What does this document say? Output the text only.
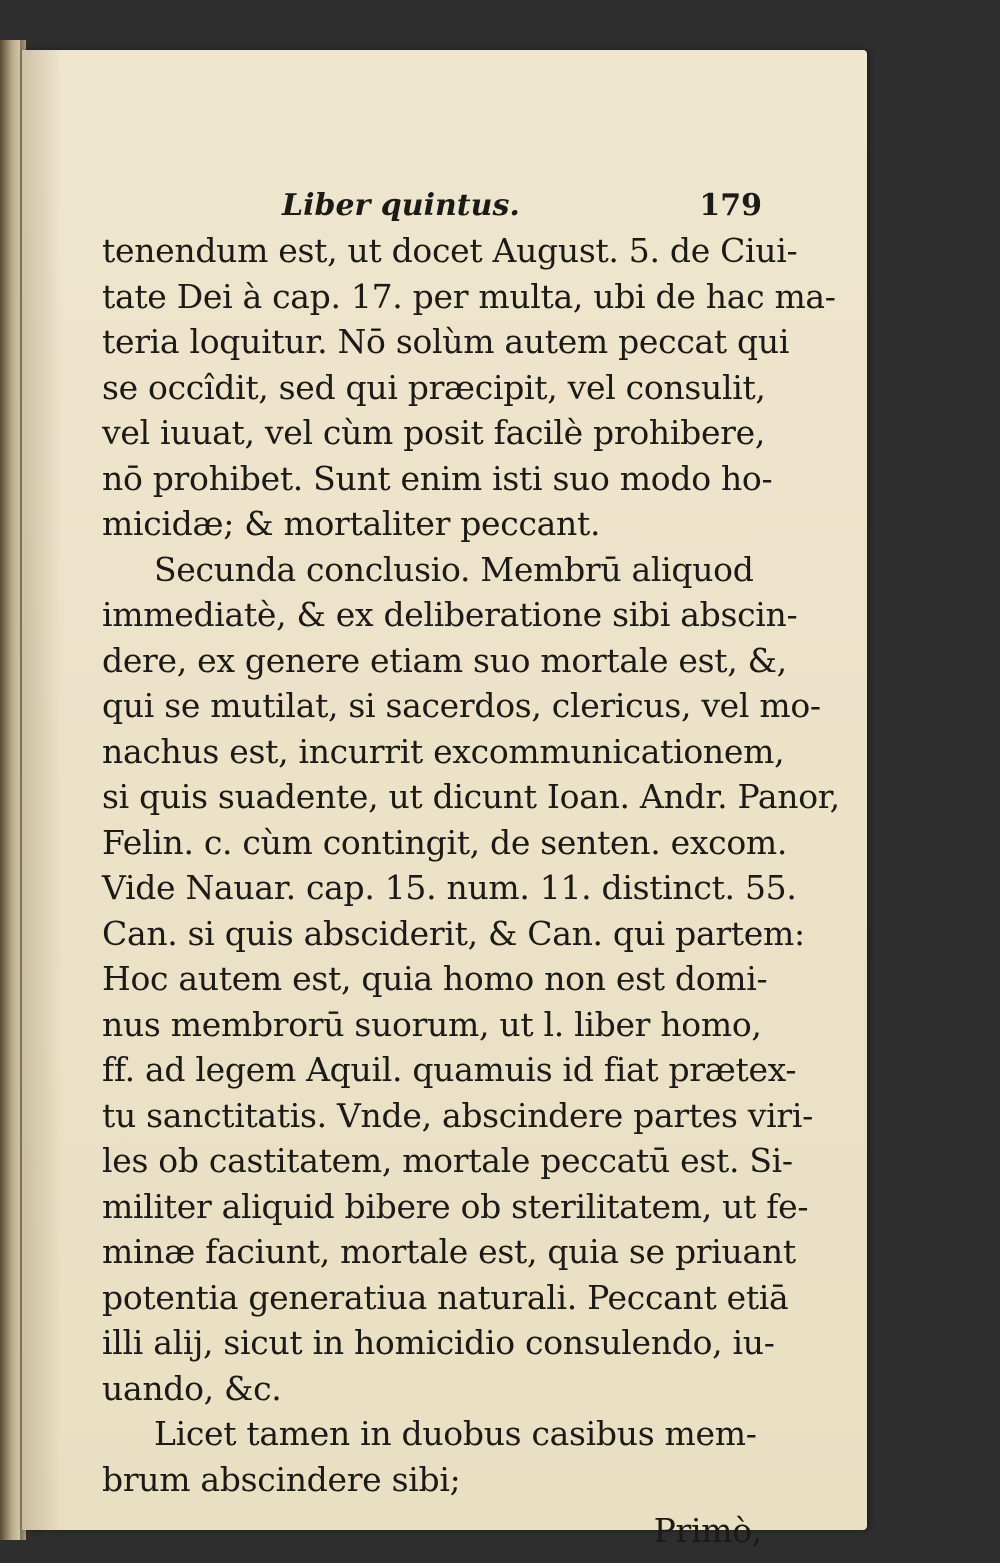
Liber quintus.	179
tenendum est, ut docet August. 5. de Ciui-
tate Dei à cap. 17. per multa, ubi de hac ma-
teria loquitur. Nō solùm autem peccat qui
se occîdit, sed qui præcipit, vel consulit,
vel iuuat, vel cùm posit facilè prohibere,
nō prohibet. Sunt enim isti suo modo ho-
micidæ; & mortaliter peccant.
Secunda conclusio. Membrū aliquod
immediatè, & ex deliberatione sibi abscin-
dere, ex genere etiam suo mortale est, &,
qui se mutilat, si sacerdos, clericus, vel mo-
nachus est, incurrit excommunicationem,
si quis suadente, ut dicunt Ioan. Andr. Panor,
Felin. c. cùm contingit, de senten. excom.
Vide Nauar. cap. 15. num. 11. distinct. 55.
Can. si quis absciderit, & Can. qui partem:
Hoc autem est, quia homo non est domi-
nus membrorū suorum, ut l. liber homo,
ff. ad legem Aquil. quamuis id fiat prætex-
tu sanctitatis. Vnde, abscindere partes viri-
les ob castitatem, mortale peccatū est. Si-
militer aliquid bibere ob sterilitatem, ut fe-
minæ faciunt, mortale est, quia se priuant
potentia generatiua naturali. Peccant etiā
illi alij, sicut in homicidio consulendo, iu-
uando, &c.
Licet tamen in duobus casibus mem-
brum abscindere sibi;
Primò,
